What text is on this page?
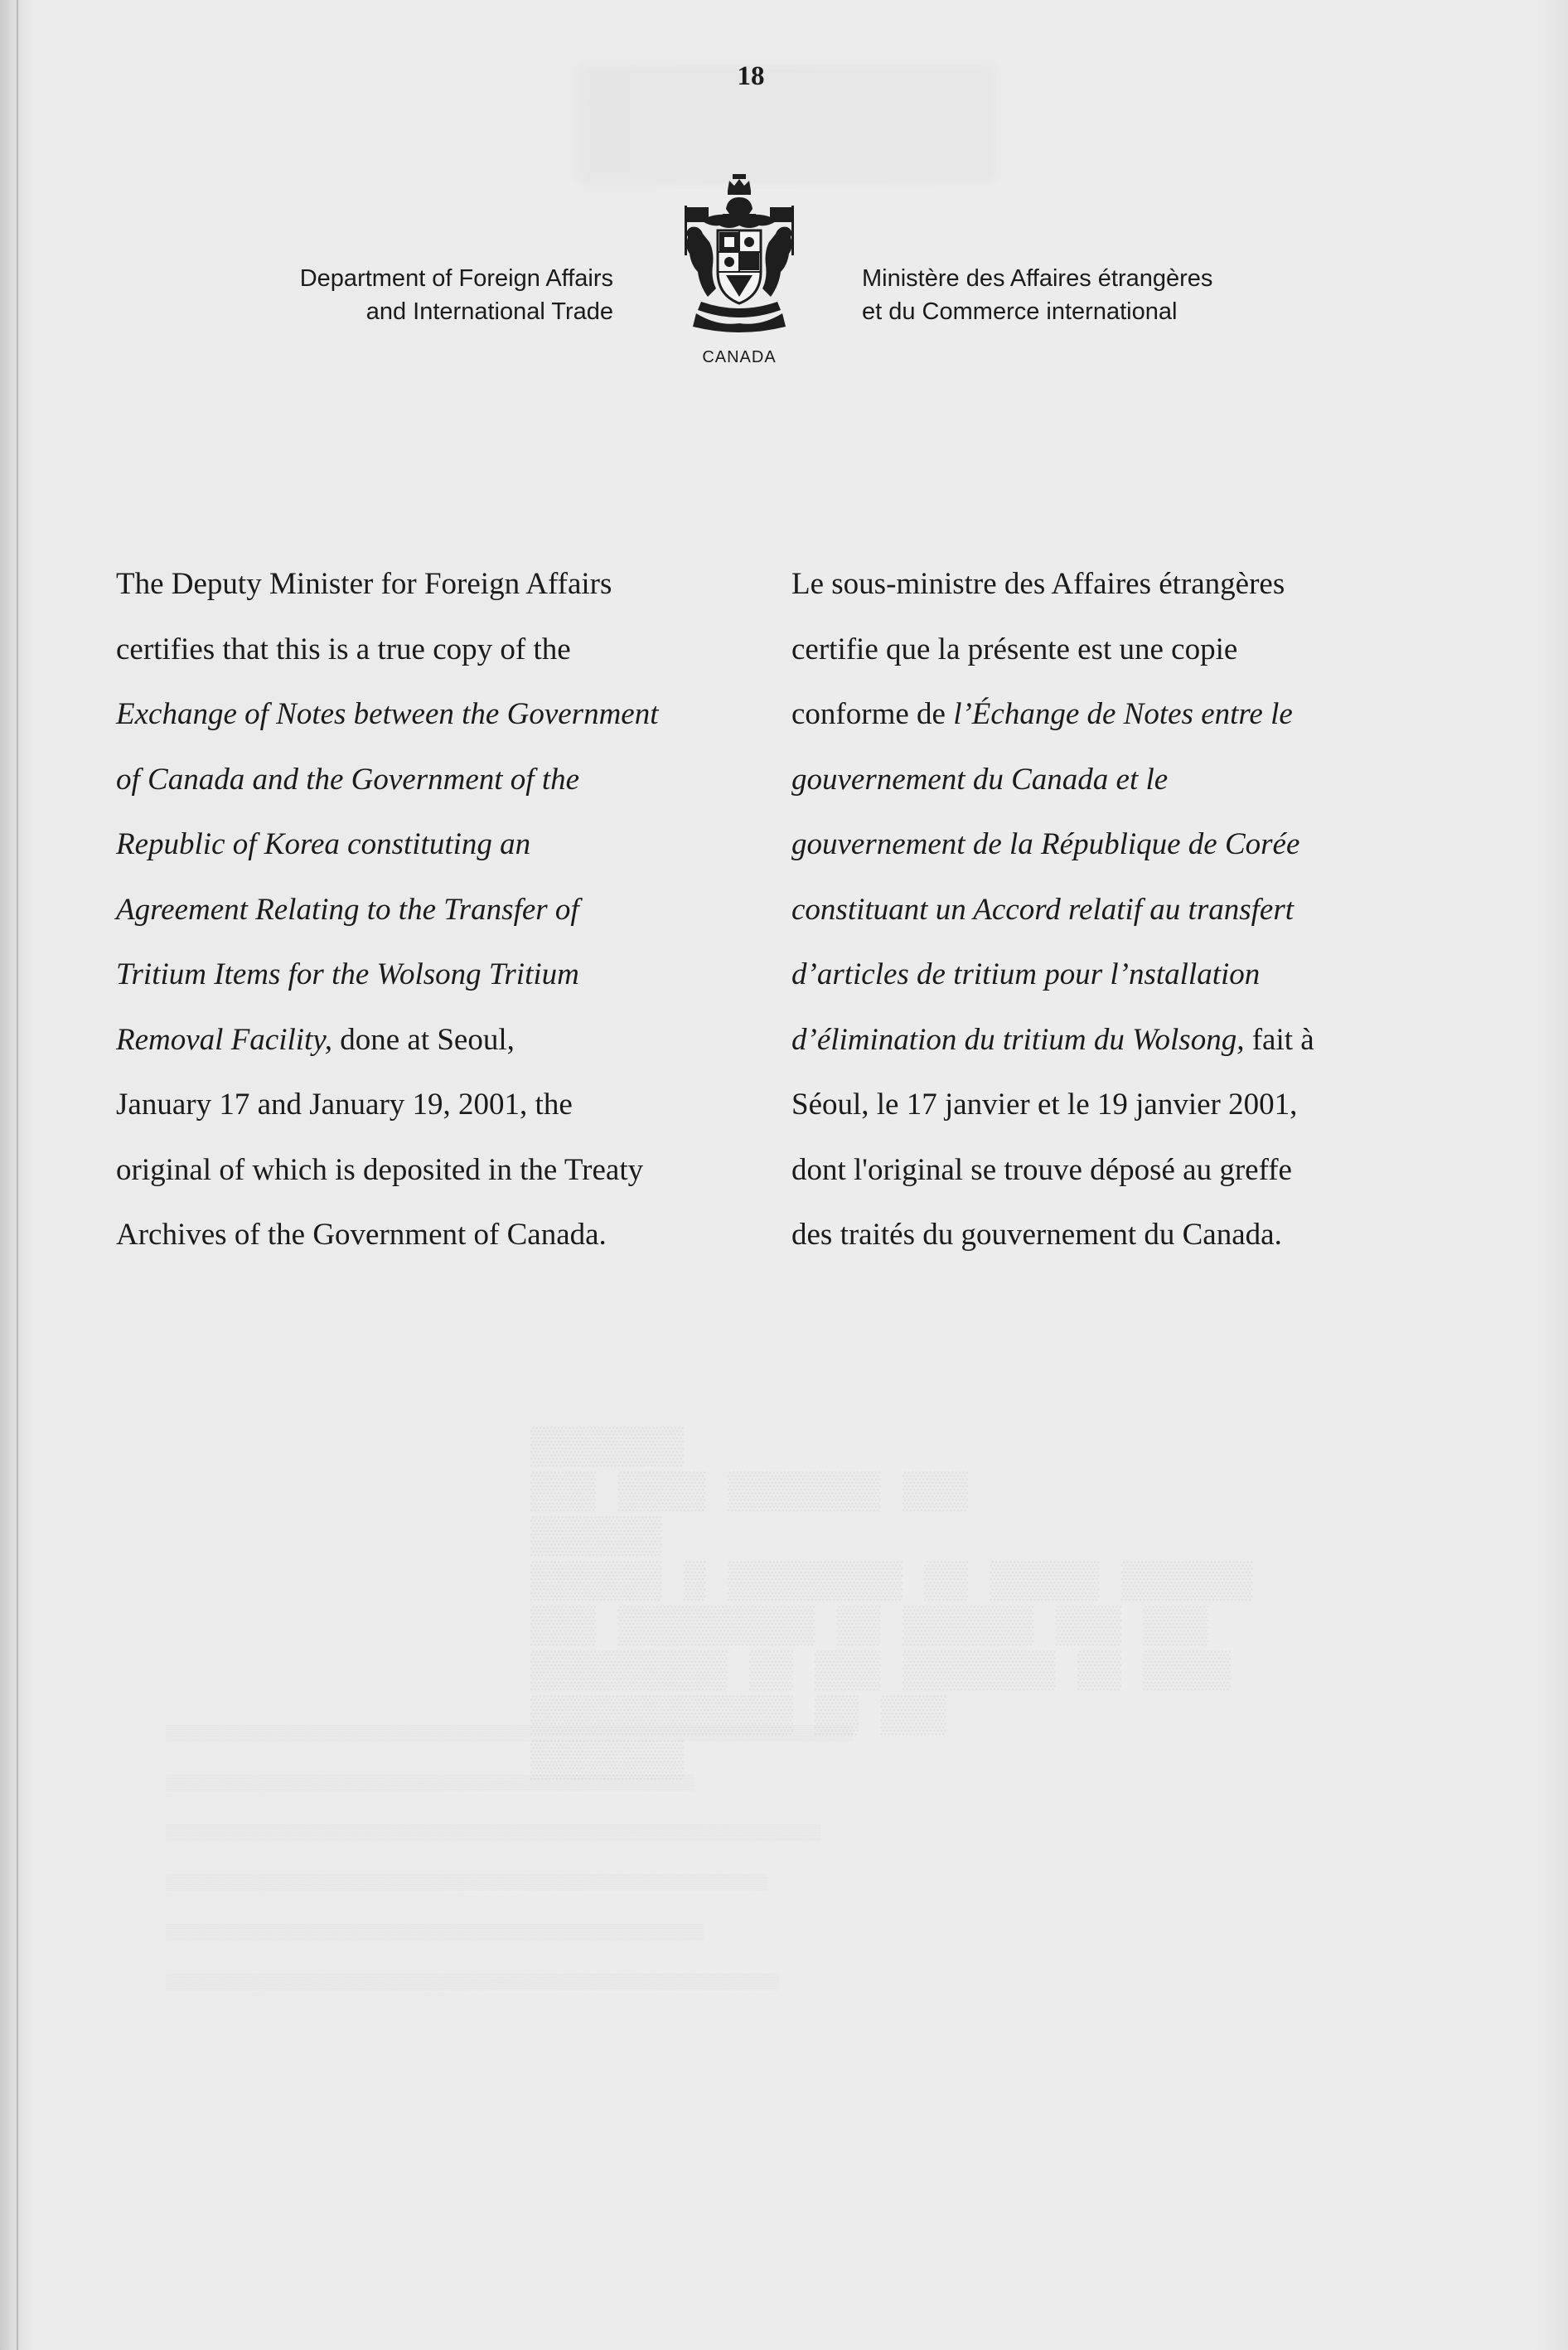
18
Department of Foreign Affairs
and International Trade
Ministère des Affaires étrangères
et du Commerce international
CANADA
The Deputy Minister for Foreign Affairs
certifies that this is a true copy of the
Exchange of Notes between the Government
of Canada and the Government of the
Republic of Korea constituting an
Agreement Relating to the Transfer of
Tritium Items for the Wolsong Tritium
Removal Facility, done at Seoul,
January 17 and January 19, 2001, the
original of which is deposited in the Treaty
Archives of the Government of Canada.
Le sous-ministre des Affaires étrangères
certifie que la présente est une copie
conforme de l’Échange de Notes entre le
gouvernement du Canada et le
gouvernement de la République de Corée
constituant un Accord relatif au transfert
d’articles de tritium pour l’nstallation
d’élimination du tritium du Wolsong, fait à
Séoul, le 17 janvier et le 19 janvier 2001,
dont l'original se trouve déposé au greffe
des traités du gouvernement du Canada.
▒▒▒▒▒▒▒
▒▒▒ ▒▒▒▒ ▒▒▒▒▒▒▒ ▒▒▒
▒▒▒▒▒▒
▒▒▒▒▒▒ ▒ ▒▒▒▒▒▒▒▒ ▒▒ ▒▒▒▒▒ ▒▒▒▒▒▒
▒▒▒ ▒▒▒▒▒▒▒▒▒ ▒▒ ▒▒▒▒▒▒ ▒▒▒ ▒▒▒
▒▒▒▒▒▒▒▒▒ ▒▒ ▒▒▒ ▒▒▒▒▒▒▒ ▒▒ ▒▒▒▒
▒▒▒▒▒▒▒▒▒▒▒▒ ▒▒ ▒▒▒
▒▒▒▒▒▒▒
